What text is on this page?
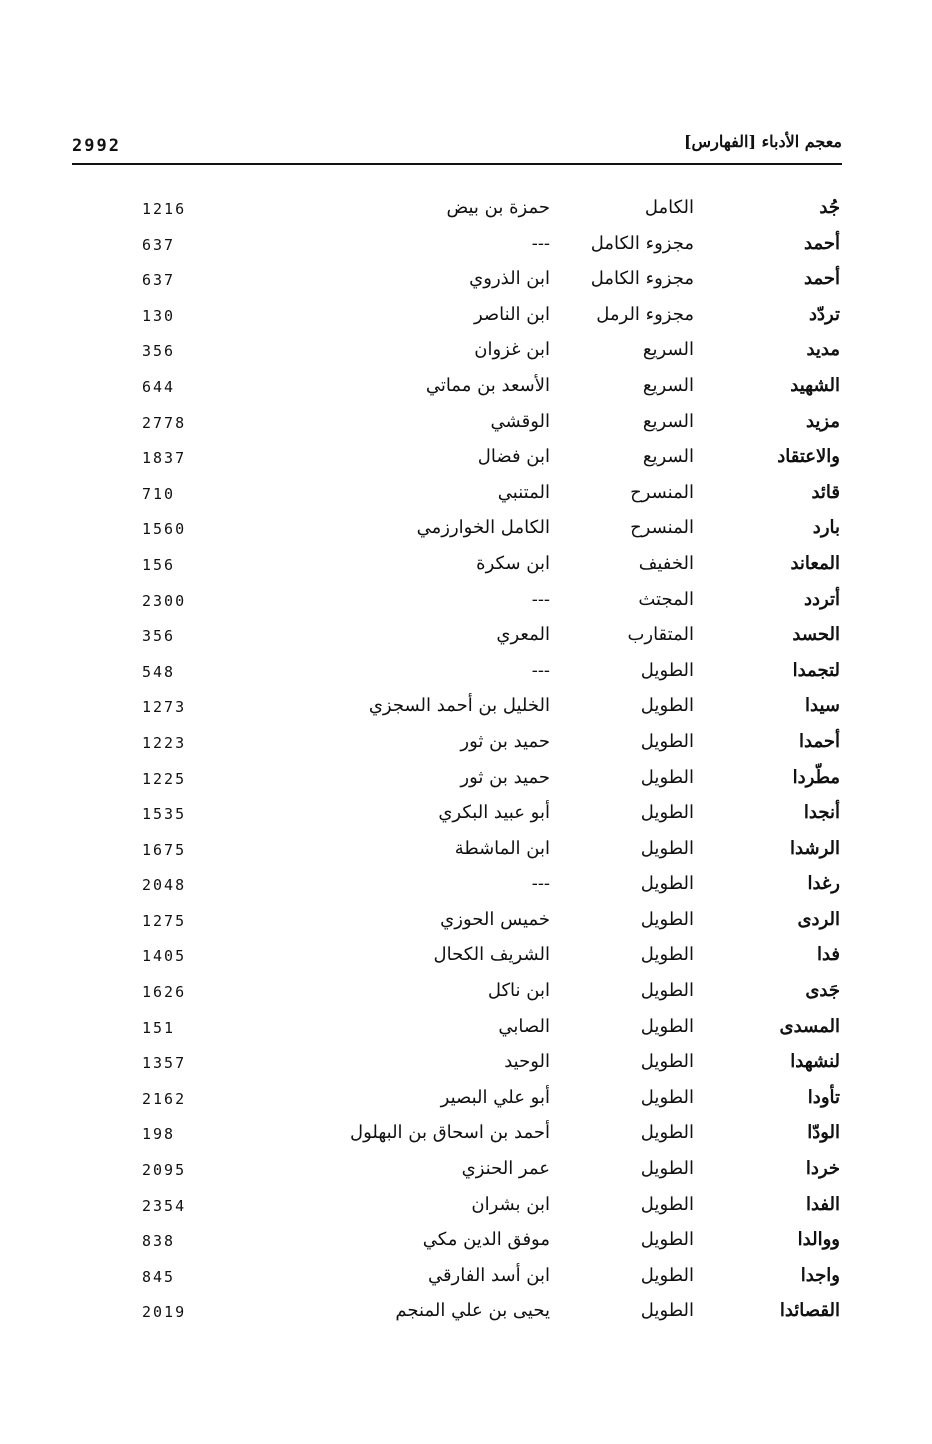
2992	معجم الأدباء [الفهارس]
جُد
الكامل
حمزة بن بيض
1216
أحمد
مجزوء الكامل
---
637
أحمد
مجزوء الكامل
ابن الذروي
637
تردّد
مجزوء الرمل
ابن الناصر
130
مديد
السريع
ابن غزوان
356
الشهيد
السريع
الأسعد بن مماتي
644
مزيد
السريع
الوقشي
2778
والاعتقاد
السريع
ابن فضال
1837
قائد
المنسرح
المتنبي
710
بارد
المنسرح
الكامل الخوارزمي
1560
المعاند
الخفيف
ابن سكرة
156
أتردد
المجتث
---
2300
الحسد
المتقارب
المعري
356
لتجمدا
الطويل
---
548
سيدا
الطويل
الخليل بن أحمد السجزي
1273
أحمدا
الطويل
حميد بن ثور
1223
مطّردا
الطويل
حميد بن ثور
1225
أنجدا
الطويل
أبو عبيد البكري
1535
الرشدا
الطويل
ابن الماشطة
1675
رغدا
الطويل
---
2048
الردى
الطويل
خميس الحوزي
1275
فدا
الطويل
الشريف الكحال
1405
جَدى
الطويل
ابن ناكل
1626
المسدى
الطويل
الصابي
151
لنشهدا
الطويل
الوحيد
1357
تأودا
الطويل
أبو علي البصير
2162
الودّا
الطويل
أحمد بن اسحاق بن البهلول
198
خردا
الطويل
عمر الحنزي
2095
الفدا
الطويل
ابن بشران
2354
ووالدا
الطويل
موفق الدين مكي
838
واجدا
الطويل
ابن أسد الفارقي
845
القصائدا
الطويل
يحيى بن علي المنجم
2019
